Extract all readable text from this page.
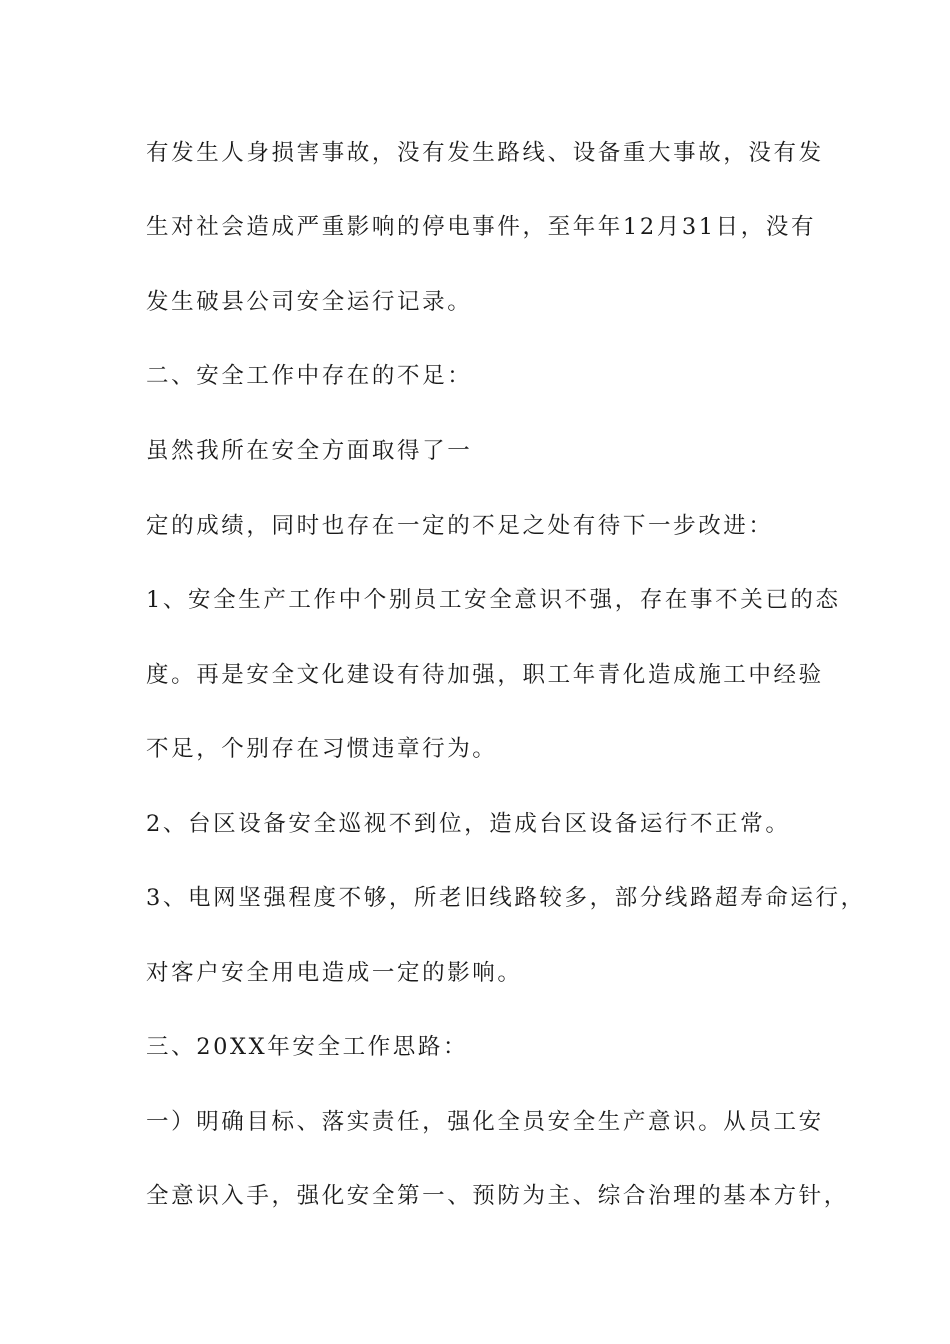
有发生人身损害事故，没有发生路线、设备重大事故，没有发
生对社会造成严重影响的停电事件，至年年12月31日，没有
发生破县公司安全运行记录。
二、安全工作中存在的不足：
虽然我所在安全方面取得了一
定的成绩，同时也存在一定的不足之处有待下一步改进：
1、安全生产工作中个别员工安全意识不强，存在事不关已的态
度。再是安全文化建设有待加强，职工年青化造成施工中经验
不足，个别存在习惯违章行为。
2、台区设备安全巡视不到位，造成台区设备运行不正常。
3、电网坚强程度不够，所老旧线路较多，部分线路超寿命运行，
对客户安全用电造成一定的影响。
三、20XX年安全工作思路：
一）明确目标、落实责任，强化全员安全生产意识。从员工安
全意识入手，强化安全第一、预防为主、综合治理的基本方针，
